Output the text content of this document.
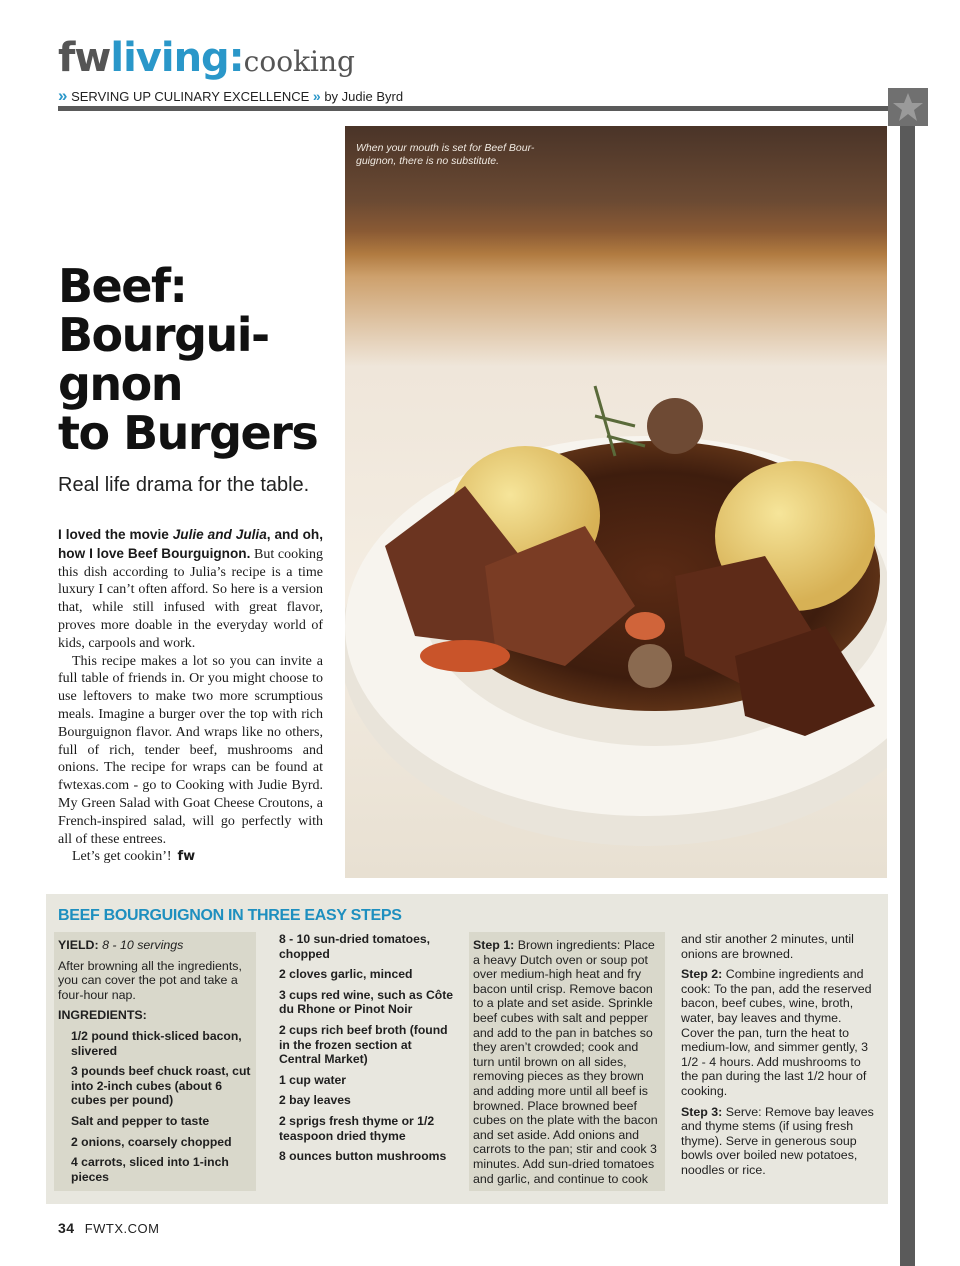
fwliving:cooking
» SERVING UP CULINARY EXCELLENCE » by Judie Byrd
When your mouth is set for Beef Bour-guignon, there is no substitute.
Beef:
Bourgui-
gnon
to Burgers
Real life drama for the table.

I loved the movie Julie and Julia, and oh, how I love Beef Bourguignon. But cooking this dish according to Julia’s recipe is a time luxury I can’t often afford. So here is a version that, while still infused with great flavor, proves more doable in the everyday world of kids, carpools and work.

This recipe makes a lot so you can invite a full table of friends in. Or you might choose to use leftovers to make two more scrumptious meals. Imagine a burger over the top with rich Bourguignon flavor. And wraps like no others, full of rich, tender beef, mushrooms and onions. The recipe for wraps can be found at fwtexas.com - go to Cooking with Judie Byrd. My Green Salad with Goat Cheese Croutons, a French-inspired salad, will go perfectly with all of these entrees.

Let’s get cookin’! fw

BEEF BOURGUIGNON IN THREE EASY STEPS

YIELD: 8 - 10 servings

After browning all the ingredients, you can cover the pot and take a four-hour nap.

INGREDIENTS:

1/2 pound thick-sliced bacon, slivered

3 pounds beef chuck roast, cut into 2-inch cubes (about 6 cubes per pound)

Salt and pepper to taste

2 onions, coarsely chopped

4 carrots, sliced into 1-inch pieces

8 - 10 sun-dried tomatoes, chopped

2 cloves garlic, minced

3 cups red wine, such as Côte du Rhone or Pinot Noir

2 cups rich beef broth (found in the frozen section at Central Market)

1 cup water

2 bay leaves

2 sprigs fresh thyme or 1/2 teaspoon dried thyme

8 ounces button mushrooms

Step 1: Brown ingredients: Place a heavy Dutch oven or soup pot over medium-high heat and fry bacon until crisp. Remove bacon to a plate and set aside. Sprinkle beef cubes with salt and pepper and add to the pan in batches so they aren’t crowded; cook and turn until brown on all sides, removing pieces as they brown and adding more until all beef is browned. Place browned beef cubes on the plate with the bacon and set aside. Add onions and carrots to the pan; stir and cook 3 minutes. Add sun-dried tomatoes and garlic, and continue to cook

and stir another 2 minutes, until onions are browned.

Step 2: Combine ingredients and cook: To the pan, add the reserved bacon, beef cubes, wine, broth, water, bay leaves and thyme. Cover the pan, turn the heat to medium-low, and simmer gently, 3 1/2 - 4 hours. Add mushrooms to the pan during the last 1/2 hour of cooking.

Step 3: Serve: Remove bay leaves and thyme stems (if using fresh thyme). Serve in generous soup bowls over boiled new potatoes, noodles or rice.

34 FWTX.COM
